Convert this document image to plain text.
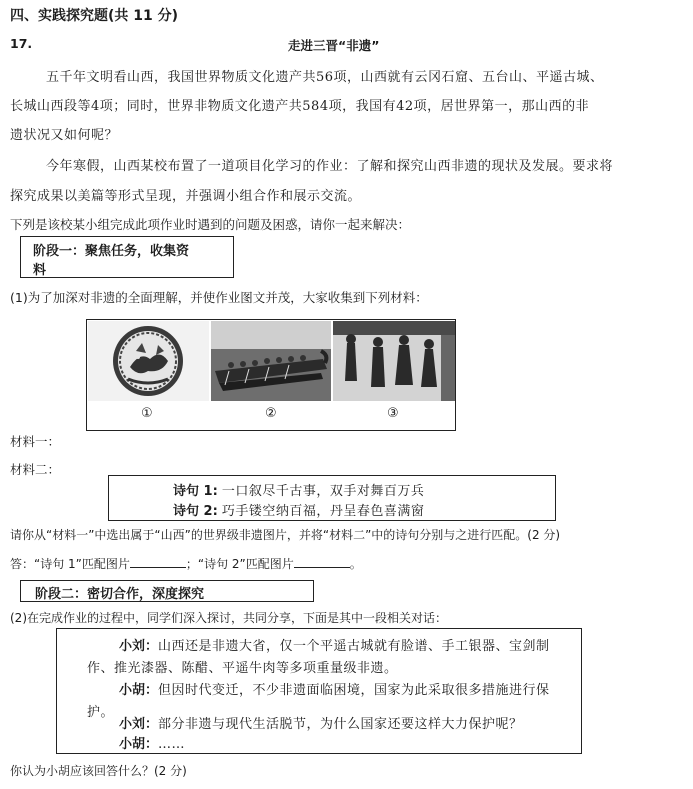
四、实践探究题(共 11 分)
17.	走进三晋“非遗”
五千年文明看山西，我国世界物质文化遗产共56项，山西就有云冈石窟、五台山、平遥古城、
长城山西段等4项；同时，世界非物质文化遗产共584项，我国有42项，居世界第一，那山西的非
遗状况又如何呢？
今年寒假，山西某校布置了一道项目化学习的作业：了解和探究山西非遗的现状及发展。要求将
探究成果以美篇等形式呈现，并强调小组合作和展示交流。
下列是该校某小组完成此项作业时遇到的问题及困惑，请你一起来解决：
阶段一：聚焦任务，收集资
料
(1)为了加深对非遗的全面理解，并使作业图文并茂，大家收集到下列材料：
①	②	③
材料一：
材料二：
诗句 1: 一口叙尽千古事，双手对舞百万兵
诗句 2: 巧手镂空纳百福，丹呈春色喜满窗
请你从“材料一”中选出属于“山西”的世界级非遗图片，并将“材料二”中的诗句分别与之进行匹配。(2 分)
答：“诗句 1”匹配图片	；“诗句 2”匹配图片	。
阶段二：密切合作，深度探究
(2)在完成作业的过程中，同学们深入探讨，共同分享，下面是其中一段相关对话：
小刘：山西还是非遗大省，仅一个平遥古城就有脸谱、手工银器、宝剑制
作、推光漆器、陈醋、平遥牛肉等多项重量级非遗。
小胡：但因时代变迁，不少非遗面临困境，国家为此采取很多措施进行保
护。
小刘：部分非遗与现代生活脱节，为什么国家还要这样大力保护呢？
小胡：……
你认为小胡应该回答什么？(2 分)
